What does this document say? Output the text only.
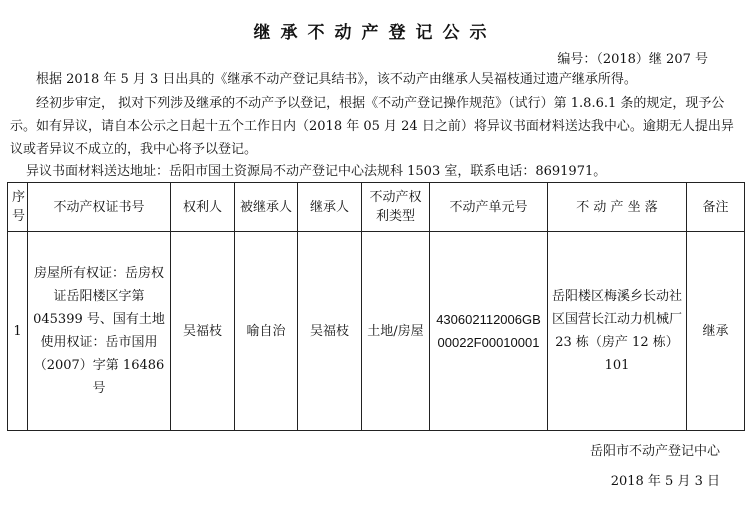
继承不动产登记公示
编号：（2018）继 207 号
根据 2018 年 5 月 3 日出具的《继承不动产登记具结书》，该不动产由继承人吴福枝通过遗产继承所得。
经初步审定， 拟对下列涉及继承的不动产予以登记，根据《不动产登记操作规范》（试行）第 1.8.6.1 条的规定，现予公示。如有异议，请自本公示之日起十五个工作日内（2018 年 05 月 24 日之前）将异议书面材料送达我中心。逾期无人提出异议或者异议不成立的，我中心将予以登记。
异议书面材料送达地址：岳阳市国土资源局不动产登记中心法规科 1503 室，联系电话：8691971。
序号	不动产权证书号	权利人	被继承人	继承人	不动产权利类型	不动产单元号	不 动 产 坐 落	备注
1	房屋所有权证：岳房权证岳阳楼区字第 045399 号、国有土地使用权证：岳市国用（2007）字第 16486 号	吴福枝	喻自治	吴福枝	土地/房屋	430602112006GB00022F00010001	岳阳楼区梅溪乡长动社区国营长江动力机械厂 23 栋（房产 12 栋）101	继承
岳阳市不动产登记中心
2018 年 5 月 3 日
